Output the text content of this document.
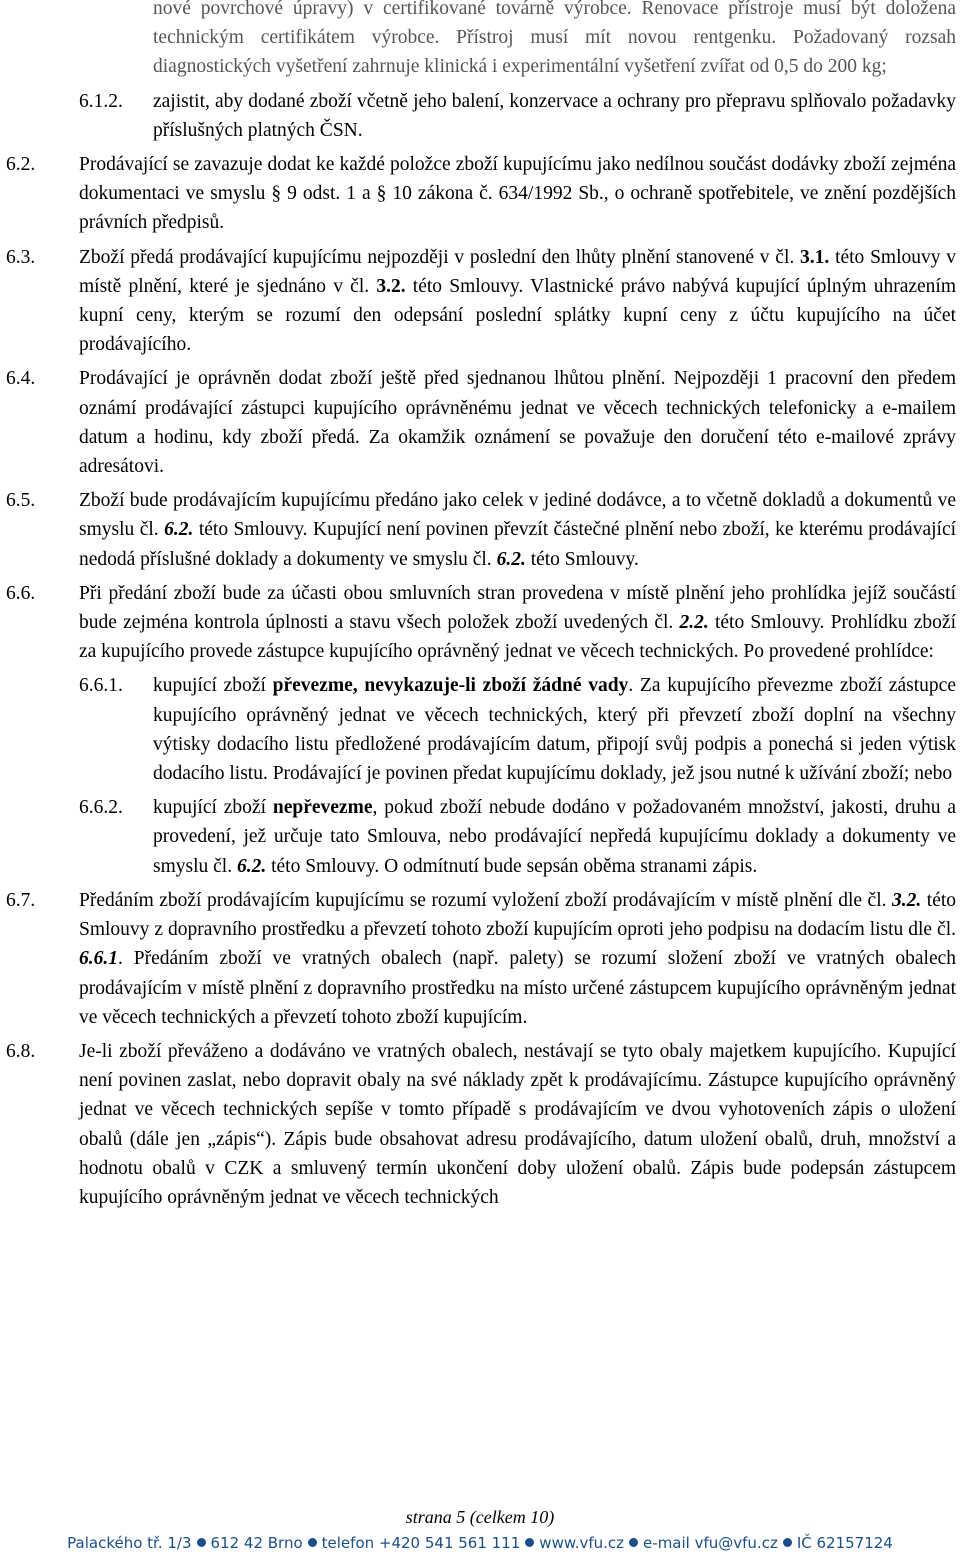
nové povrchové úpravy) v certifikované továrně výrobce. Renovace přístroje musí být doložena technickým certifikátem výrobce. Přístroj musí mít novou rentgenku. Požadovaný rozsah diagnostických vyšetření zahrnuje klinická i experimentální vyšetření zvířat od 0,5 do 200 kg;
6.1.2. zajistit, aby dodané zboží včetně jeho balení, konzervace a ochrany pro přepravu splňovalo požadavky příslušných platných ČSN.
6.2. Prodávající se zavazuje dodat ke každé položce zboží kupujícímu jako nedílnou součást dodávky zboží zejména dokumentaci ve smyslu § 9 odst. 1 a § 10 zákona č. 634/1992 Sb., o ochraně spotřebitele, ve znění pozdějších právních předpisů.
6.3. Zboží předá prodávající kupujícímu nejpozději v poslední den lhůty plnění stanovené v čl. 3.1. této Smlouvy v místě plnění, které je sjednáno v čl. 3.2. této Smlouvy. Vlastnické právo nabývá kupující úplným uhrazením kupní ceny, kterým se rozumí den odepsání poslední splátky kupní ceny z účtu kupujícího na účet prodávajícího.
6.4. Prodávající je oprávněn dodat zboží ještě před sjednanou lhůtou plnění. Nejpozději 1 pracovní den předem oznámí prodávající zástupci kupujícího oprávněnému jednat ve věcech technických telefonicky a e-mailem datum a hodinu, kdy zboží předá. Za okamžik oznámení se považuje den doručení této e-mailové zprávy adresátovi.
6.5. Zboží bude prodávajícím kupujícímu předáno jako celek v jediné dodávce, a to včetně dokladů a dokumentů ve smyslu čl. 6.2. této Smlouvy. Kupující není povinen převzít částečné plnění nebo zboží, ke kterému prodávající nedodá příslušné doklady a dokumenty ve smyslu čl. 6.2. této Smlouvy.
6.6. Při předání zboží bude za účasti obou smluvních stran provedena v místě plnění jeho prohlídka jejíž součástí bude zejména kontrola úplnosti a stavu všech položek zboží uvedených čl. 2.2. této Smlouvy. Prohlídku zboží za kupujícího provede zástupce kupujícího oprávněný jednat ve věcech technických. Po provedené prohlídce:
6.6.1. kupující zboží převezme, nevykazuje-li zboží žádné vady. Za kupujícího převezme zboží zástupce kupujícího oprávněný jednat ve věcech technických, který při převzetí zboží doplní na všechny výtisky dodacího listu předložené prodávajícím datum, připojí svůj podpis a ponechá si jeden výtisk dodacího listu. Prodávající je povinen předat kupujícímu doklady, jež jsou nutné k užívání zboží; nebo
6.6.2. kupující zboží nepřevezme, pokud zboží nebude dodáno v požadovaném množství, jakosti, druhu a provedení, jež určuje tato Smlouva, nebo prodávající nepředá kupujícímu doklady a dokumenty ve smyslu čl. 6.2. této Smlouvy. O odmítnutí bude sepsán oběma stranami zápis.
6.7. Předáním zboží prodávajícím kupujícímu se rozumí vyložení zboží prodávajícím v místě plnění dle čl. 3.2. této Smlouvy z dopravního prostředku a převzetí tohoto zboží kupujícím oproti jeho podpisu na dodacím listu dle čl. 6.6.1. Předáním zboží ve vratných obalech (např. palety) se rozumí složení zboží ve vratných obalech prodávajícím v místě plnění z dopravního prostředku na místo určené zástupcem kupujícího oprávněným jednat ve věcech technických a převzetí tohoto zboží kupujícím.
6.8. Je-li zboží převáženo a dodáváno ve vratných obalech, nestávají se tyto obaly majetkem kupujícího. Kupující není povinen zaslat, nebo dopravit obaly na své náklady zpět k prodávajícímu. Zástupce kupujícího oprávněný jednat ve věcech technických sepíše v tomto případě s prodávajícím ve dvou vyhotoveních zápis o uložení obalů (dále jen „zápis“). Zápis bude obsahovat adresu prodávajícího, datum uložení obalů, druh, množství a hodnotu obalů v CZK a smluvený termín ukončení doby uložení obalů. Zápis bude podepsán zástupcem kupujícího oprávněným jednat ve věcech technických
strana 5 (celkem 10)
Palackého tř. 1/3 612 42 Brno telefon +420 541 561 111 www.vfu.cz e-mail vfu@vfu.cz IČ 62157124
